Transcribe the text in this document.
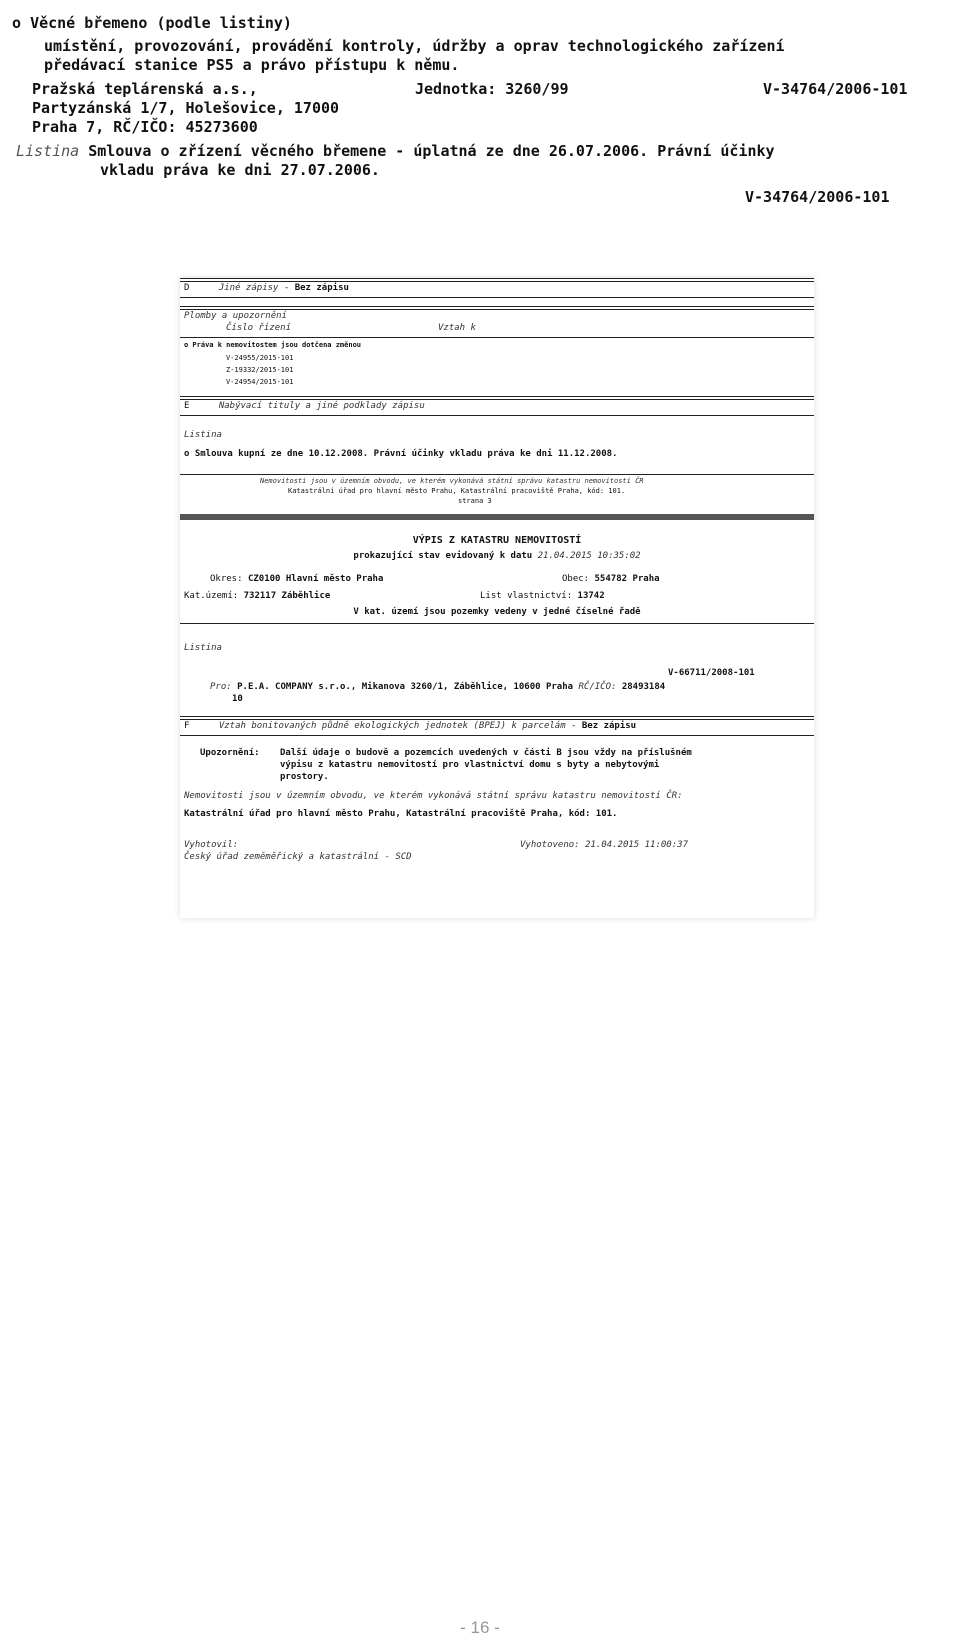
o Věcné břemeno (podle listiny)
umístění, provozování, provádění kontroly, údržby a oprav technologického zařízení
předávací stanice PS5 a právo přístupu k němu.
Pražská teplárenská a.s.,	Jednotka: 3260/99	V-34764/2006-101
Partyzánská 1/7, Holešovice, 17000
Praha 7, RČ/IČO: 45273600
Listina Smlouva o zřízení věcného břemene - úplatná ze dne 26.07.2006. Právní účinky
vkladu práva ke dni 27.07.2006.
V-34764/2006-101
D	Jiné zápisy - Bez zápisu
Plomby a upozornění
Číslo řízení	Vztah k
o Práva k nemovitostem jsou dotčena změnou
V-24955/2015-101
Z-19332/2015-101
V-24954/2015-101
E	Nabývací tituly a jiné podklady zápisu
Listina
o Smlouva kupní ze dne 10.12.2008. Právní účinky vkladu práva ke dni 11.12.2008.
Nemovitosti jsou v územním obvodu, ve kterém vykonává státní správu katastru nemovitostí ČR
Katastrální úřad pro hlavní město Prahu, Katastrální pracoviště Praha, kód: 101.
strana 3
VÝPIS Z KATASTRU NEMOVITOSTÍ
prokazující stav evidovaný k datu 21.04.2015 10:35:02
Okres: CZ0100 Hlavní město Praha	Obec: 554782 Praha
Kat.území: 732117 Záběhlice	List vlastnictví: 13742
V kat. území jsou pozemky vedeny v jedné číselné řadě
Listina
V-66711/2008-101
Pro: P.E.A. COMPANY s.r.o., Mikanova 3260/1, Záběhlice, 10600 Praha RČ/IČO: 28493184
10
F	Vztah bonitovaných půdně ekologických jednotek (BPEJ) k parcelám - Bez zápisu
Upozornění: Další údaje o budově a pozemcích uvedených v části B jsou vždy na příslušném
výpisu z katastru nemovitostí pro vlastnictví domu s byty a nebytovými
prostory.
Nemovitosti jsou v územním obvodu, ve kterém vykonává státní správu katastru nemovitostí ČR:
Katastrální úřad pro hlavní město Prahu, Katastrální pracoviště Praha, kód: 101.
Vyhotovil:
Český úřad zeměměřický a katastrální - SCD
Vyhotoveno: 21.04.2015 11:00:37
- 16 -
